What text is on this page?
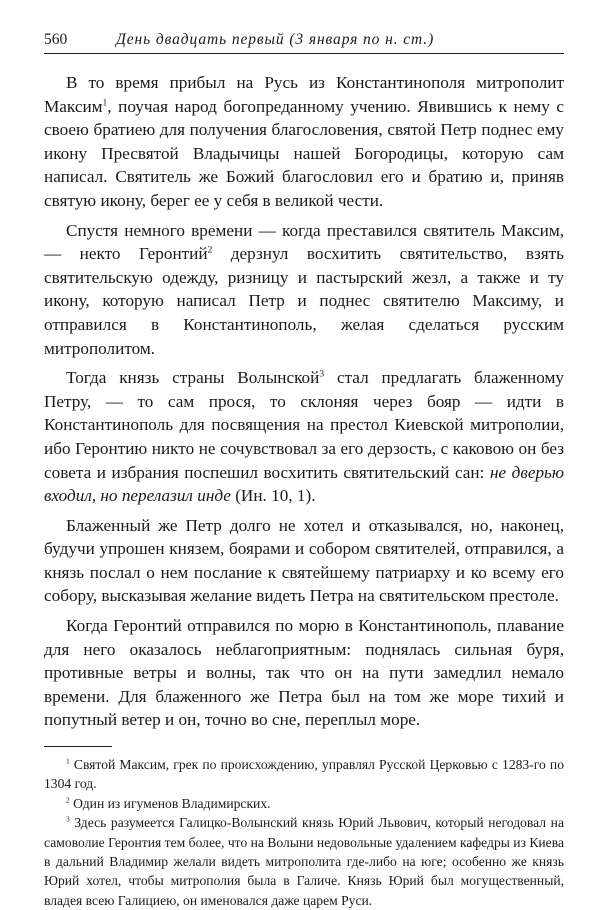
560	День двадцать первый (3 января по н. ст.)

В то время прибыл на Русь из Константинополя митрополит Максим$^1$, поучая народ богопреданному учению. Явившись к нему с своею братиею для получения благословения, святой Петр поднес ему икону Пресвятой Владычицы нашей Богородицы, которую сам написал. Святитель же Божий благословил его и братию и, приняв святую икону, берег ее у себя в великой чести.

Спустя немного времени — когда преставился святитель Максим, — некто Геронтий$^2$ дерзнул восхитить святительство, взять святительскую одежду, ризницу и пастырский жезл, а также и ту икону, которую написал Петр и поднес святителю Максиму, и отправился в Константинополь, желая сделаться русским митрополитом.

Тогда князь страны Волынской$^3$ стал предлагать блаженному Петру, — то сам прося, то склоняя через бояр — идти в Константинополь для посвящения на престол Киевской митрополии, ибо Геронтию никто не сочувствовал за его дерзость, с каковою он без совета и избрания поспешил восхитить святительский сан: не дверью входил, но перелазил инде (Ин. 10, 1).

Блаженный же Петр долго не хотел и отказывался, но, наконец, будучи упрошен князем, боярами и собором святителей, отправился, а князь послал о нем послание к святейшему патриарху и ко всему его собору, высказывая желание видеть Петра на святительском престоле.

Когда Геронтий отправился по морю в Константинополь, плавание для него оказалось неблагоприятным: поднялась сильная буря, противные ветры и волны, так что он на пути замедлил немало времени. Для блаженного же Петра был на том же море тихий и попутный ветер и он, точно во сне, переплыл море.

$^1$ Святой Максим, грек по происхождению, управлял Русской Церковью с 1283-го по 1304 год.

$^2$ Один из игуменов Владимирских.

$^3$ Здесь разумеется Галицко-Волынский князь Юрий Львович, который негодовал на самоволие Геронтия тем более, что на Волыни недовольные удалением кафедры из Киева в дальний Владимир желали видеть митрополита где-либо на юге; особенно же князь Юрий хотел, чтобы митрополия была в Галиче. Князь Юрий был могущественный, владея всею Галициею, он именовался даже царем Руси.
